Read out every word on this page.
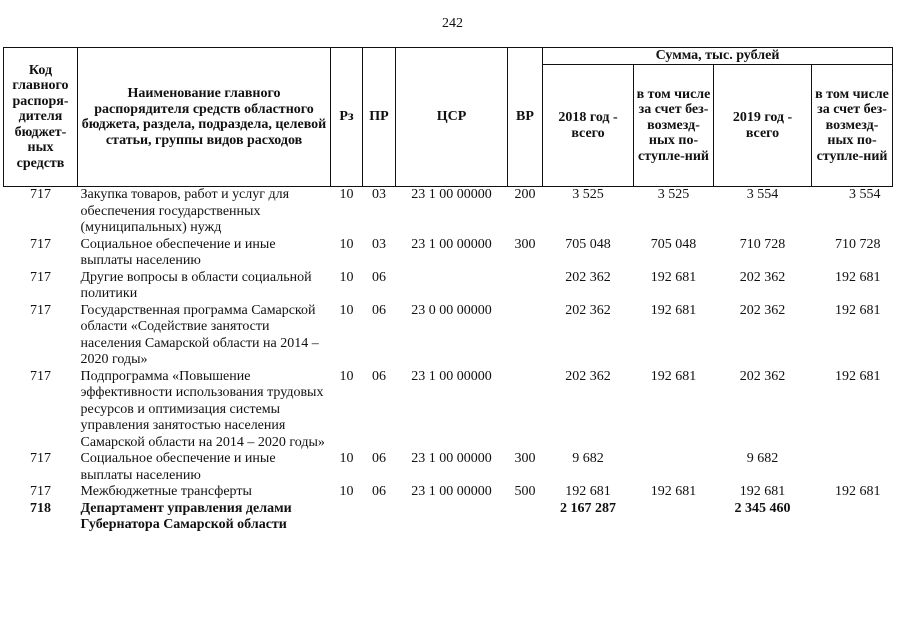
242
Код главного распоря-дителя бюджет-ных средств	Наименование главного распорядителя средств областного бюджета, раздела, подраздела, целевой статьи, группы видов расходов	Рз	ПР	ЦСР	ВР	Сумма, тыс. рублей			
						2018 год - всего	в том числе за счет без-возмезд-ных по-ступле-ний	2019 год - всего	в том числе за счет без-возмезд-ных по-ступле-ний
717	Закупка товаров, работ и услуг для обеспечения государственных (муниципальных) нужд	10	03	23 1 00 00000	200	3 525	3 525	3 554	3 554
717	Социальное обеспечение и иные выплаты населению	10	03	23 1 00 00000	300	705 048	705 048	710 728	710 728
717	Другие вопросы в области социальной политики	10	06			202 362	192 681	202 362	192 681
717	Государственная программа Самарской области «Содействие занятости населения Самарской области на 2014 – 2020 годы»	10	06	23 0 00 00000		202 362	192 681	202 362	192 681
717	Подпрограмма «Повышение эффективности использования трудовых ресурсов и оптимизация системы управления занятостью населения Самарской области на 2014 – 2020 годы»	10	06	23 1 00 00000		202 362	192 681	202 362	192 681
717	Социальное обеспечение и иные выплаты населению	10	06	23 1 00 00000	300	9 682		9 682	
717	Межбюджетные трансферты	10	06	23 1 00 00000	500	192 681	192 681	192 681	192 681
718	Департамент управления делами Губернатора Самарской области					2 167 287		2 345 460	
